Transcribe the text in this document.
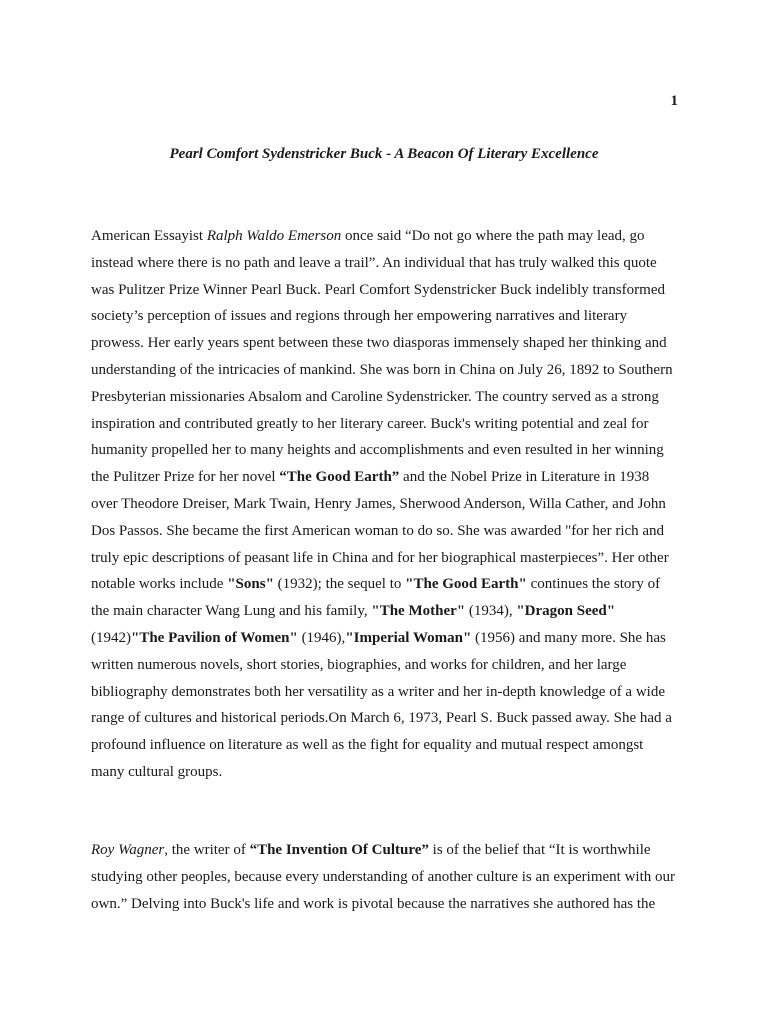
1
Pearl Comfort Sydenstricker Buck - A Beacon Of Literary Excellence
American Essayist Ralph Waldo Emerson once said “Do not go where the path may lead, go
instead where there is no path and leave a trail”. An individual that has truly walked this quote
was Pulitzer Prize Winner Pearl Buck. Pearl Comfort Sydenstricker Buck indelibly transformed
society’s perception of issues and regions through her empowering narratives and literary
prowess. Her early years spent between these two diasporas immensely shaped her thinking and
understanding of the intricacies of mankind. She was born in China on July 26, 1892 to Southern
Presbyterian missionaries Absalom and Caroline Sydenstricker. The country served as a strong
inspiration and contributed greatly to her literary career. Buck's writing potential and zeal for
humanity propelled her to many heights and accomplishments and even resulted in her winning
the Pulitzer Prize for her novel “The Good Earth” and the Nobel Prize in Literature in 1938
over Theodore Dreiser, Mark Twain, Henry James, Sherwood Anderson, Willa Cather, and John
Dos Passos. She became the first American woman to do so. She was awarded "for her rich and
truly epic descriptions of peasant life in China and for her biographical masterpieces”. Her other
notable works include "Sons" (1932); the sequel to "The Good Earth" continues the story of
the main character Wang Lung and his family, "The Mother" (1934), "Dragon Seed"
(1942)"The Pavilion of Women" (1946),"Imperial Woman" (1956) and many more. She has
written numerous novels, short stories, biographies, and works for children, and her large
bibliography demonstrates both her versatility as a writer and her in-depth knowledge of a wide
range of cultures and historical periods.On March 6, 1973, Pearl S. Buck passed away. She had a
profound influence on literature as well as the fight for equality and mutual respect amongst
many cultural groups.
Roy Wagner, the writer of “The Invention Of Culture” is of the belief that “It is worthwhile
studying other peoples, because every understanding of another culture is an experiment with our
own.” Delving into Buck's life and work is pivotal because the narratives she authored has the
